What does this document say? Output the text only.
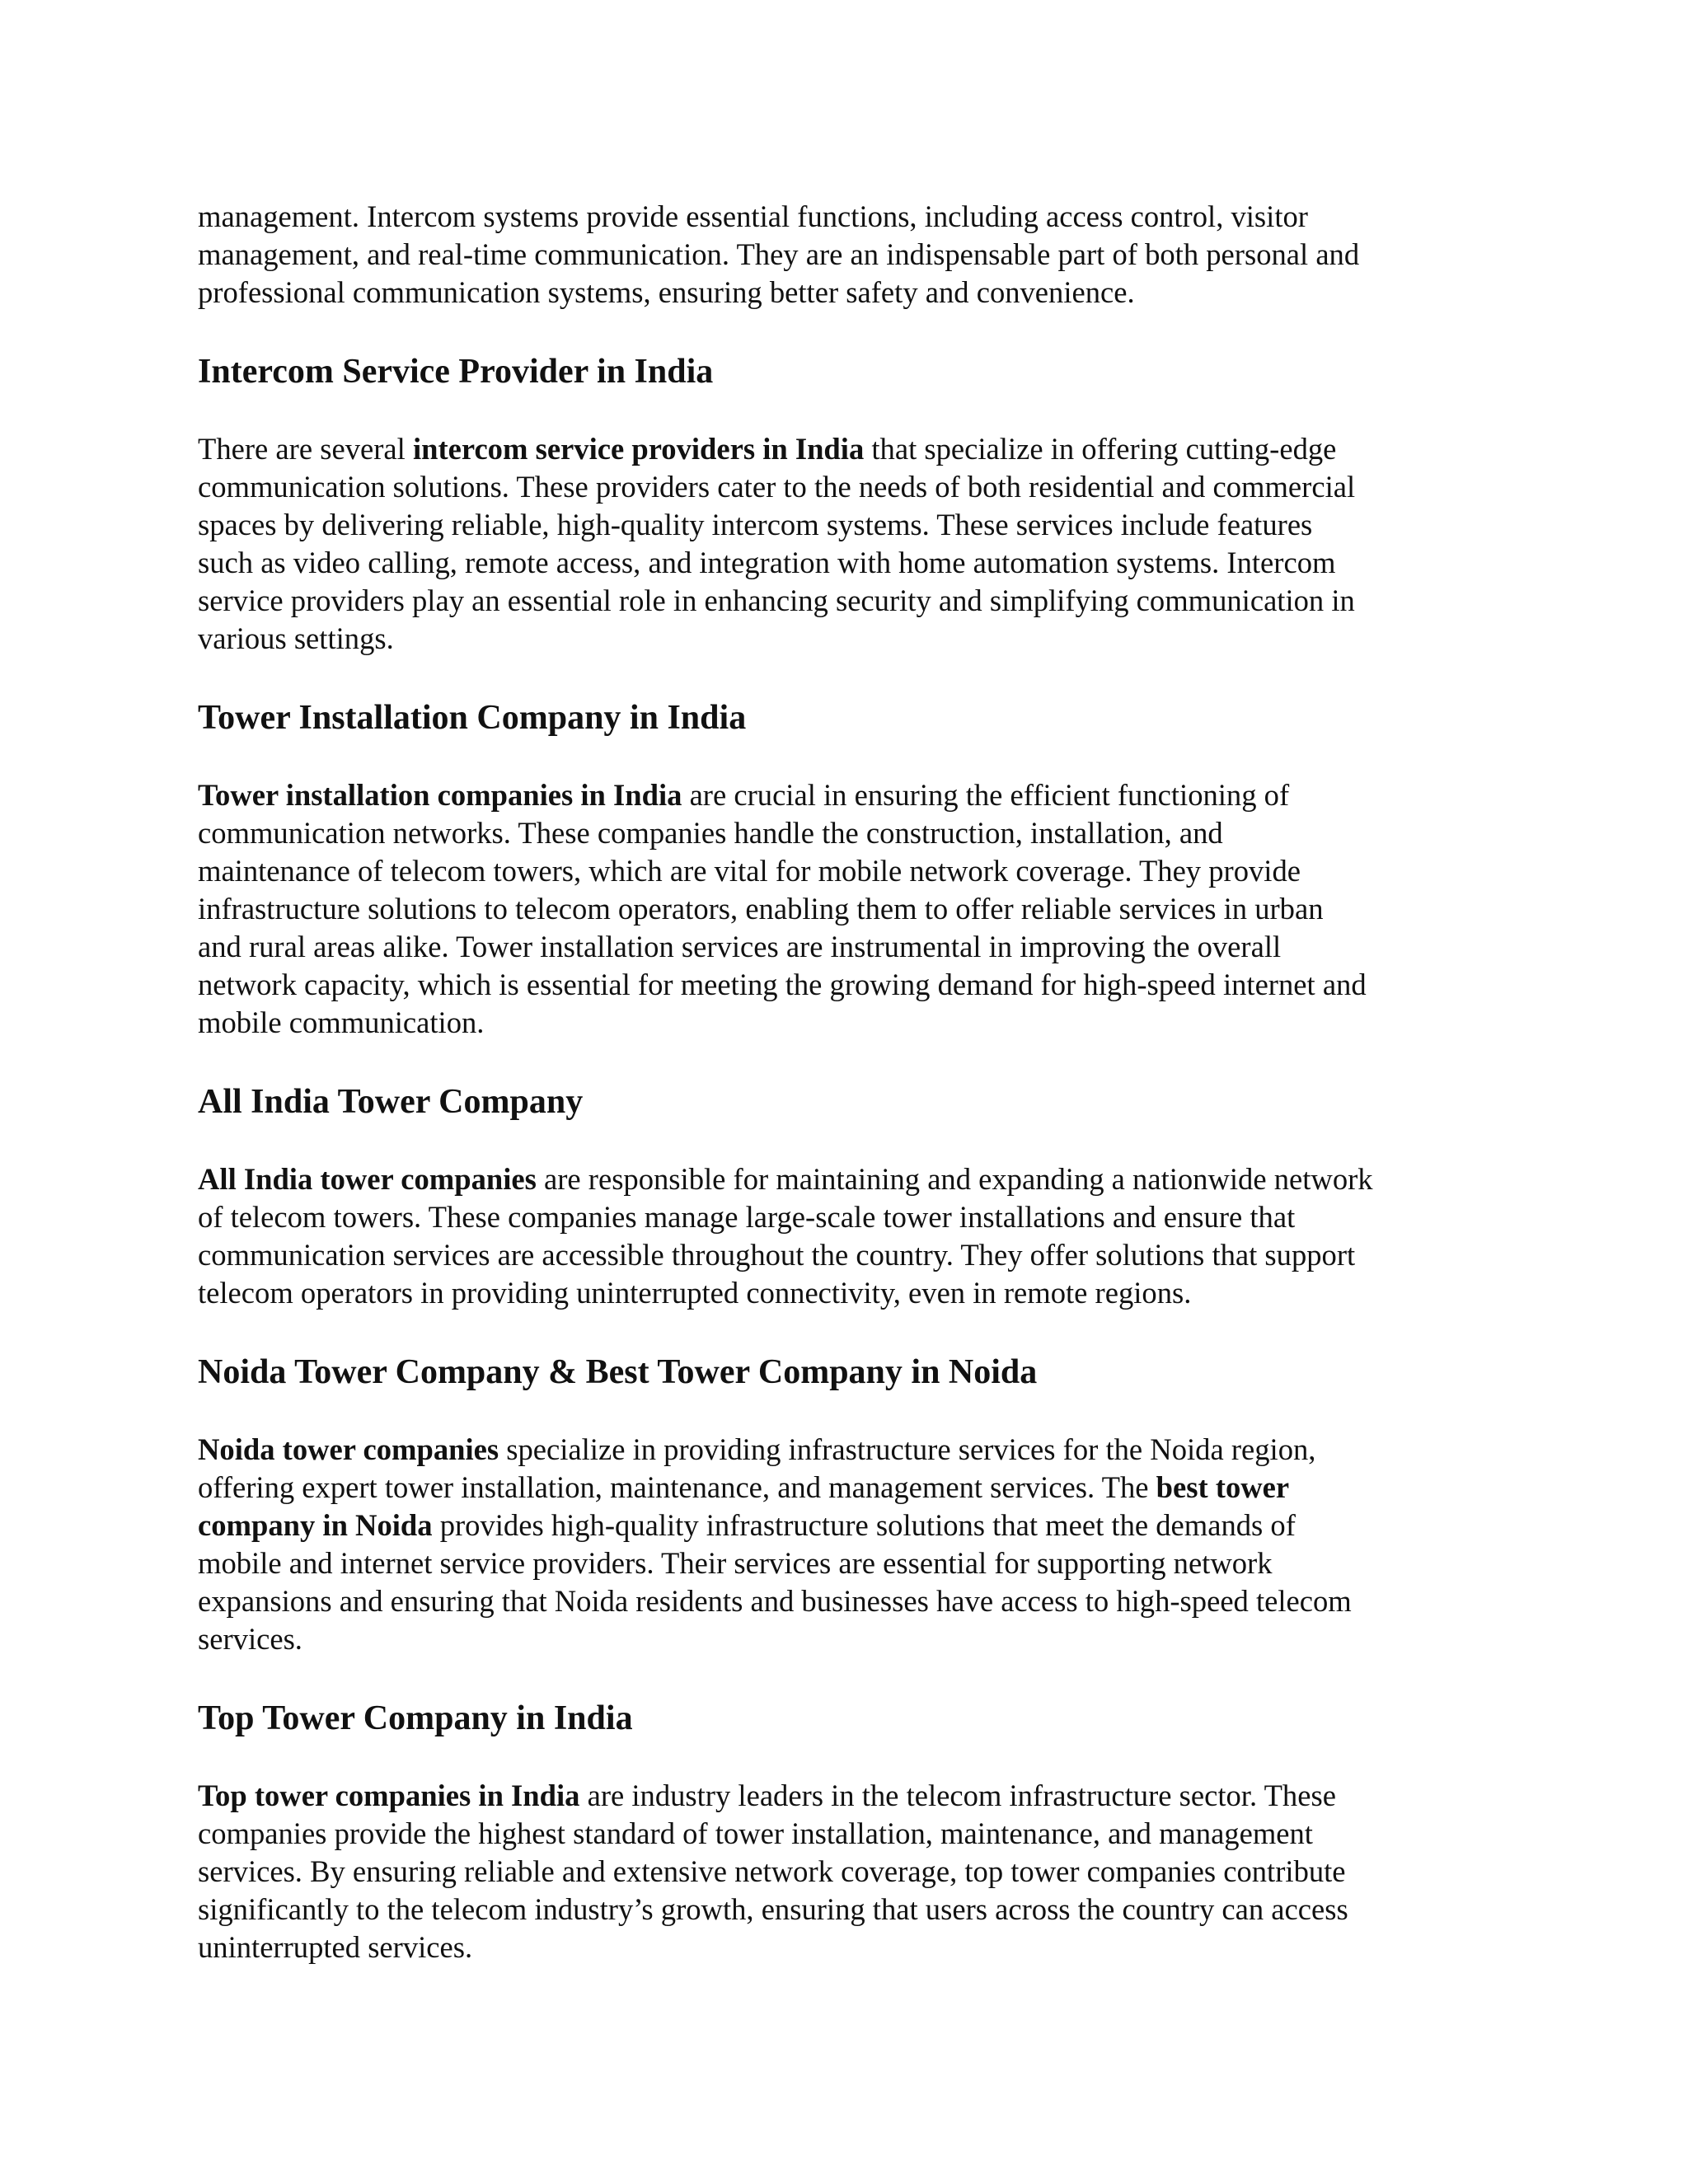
management. Intercom systems provide essential functions, including access control, visitor
management, and real-time communication. They are an indispensable part of both personal and
professional communication systems, ensuring better safety and convenience.

Intercom Service Provider in India

There are several intercom service providers in India that specialize in offering cutting-edge
communication solutions. These providers cater to the needs of both residential and commercial
spaces by delivering reliable, high-quality intercom systems. These services include features
such as video calling, remote access, and integration with home automation systems. Intercom
service providers play an essential role in enhancing security and simplifying communication in
various settings.

Tower Installation Company in India

Tower installation companies in India are crucial in ensuring the efficient functioning of
communication networks. These companies handle the construction, installation, and
maintenance of telecom towers, which are vital for mobile network coverage. They provide
infrastructure solutions to telecom operators, enabling them to offer reliable services in urban
and rural areas alike. Tower installation services are instrumental in improving the overall
network capacity, which is essential for meeting the growing demand for high-speed internet and
mobile communication.

All India Tower Company

All India tower companies are responsible for maintaining and expanding a nationwide network
of telecom towers. These companies manage large-scale tower installations and ensure that
communication services are accessible throughout the country. They offer solutions that support
telecom operators in providing uninterrupted connectivity, even in remote regions.

Noida Tower Company & Best Tower Company in Noida

Noida tower companies specialize in providing infrastructure services for the Noida region,
offering expert tower installation, maintenance, and management services. The best tower
company in Noida provides high-quality infrastructure solutions that meet the demands of
mobile and internet service providers. Their services are essential for supporting network
expansions and ensuring that Noida residents and businesses have access to high-speed telecom
services.

Top Tower Company in India

Top tower companies in India are industry leaders in the telecom infrastructure sector. These
companies provide the highest standard of tower installation, maintenance, and management
services. By ensuring reliable and extensive network coverage, top tower companies contribute
significantly to the telecom industry’s growth, ensuring that users across the country can access
uninterrupted services.
